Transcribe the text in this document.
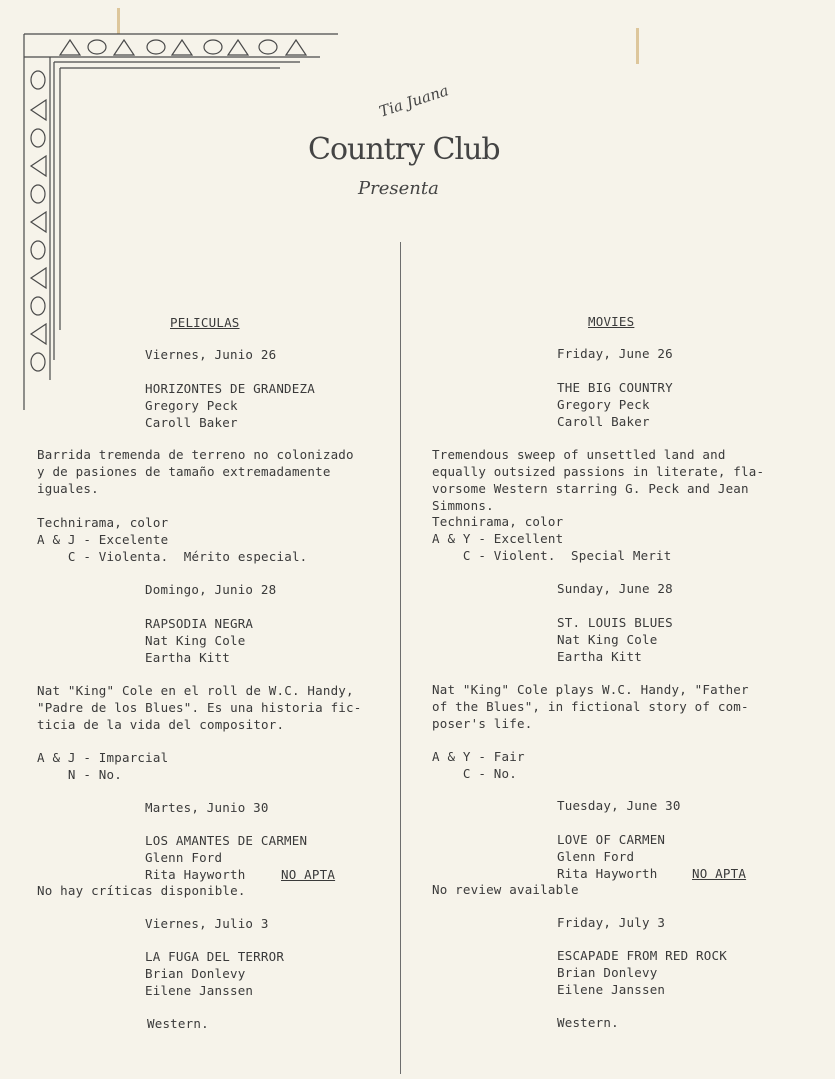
Tia Juana
Country Club
Presenta
PELICULAS
Viernes, Junio 26
HORIZONTES DE GRANDEZA
Gregory Peck
Caroll Baker
Barrida tremenda de terreno no colonizado
y de pasiones de tamaño extremadamente
iguales.
Technirama, color
A & J - Excelente
C - Violenta.  Mérito especial.
Domingo, Junio 28
RAPSODIA NEGRA
Nat King Cole
Eartha Kitt
Nat "King" Cole en el roll de W.C. Handy,
"Padre de los Blues". Es una historia fic-
ticia de la vida del compositor.
A & J - Imparcial
N - No.
Martes, Junio 30
LOS AMANTES DE CARMEN
Glenn Ford
Rita Hayworth	NO APTA
No hay críticas disponible.
Viernes, Julio 3
LA FUGA DEL TERROR
Brian Donlevy
Eilene Janssen
Western.
MOVIES
Friday, June 26
THE BIG COUNTRY
Gregory Peck
Caroll Baker
Tremendous sweep of unsettled land and
equally outsized passions in literate, fla-
vorsome Western starring G. Peck and Jean
Simmons.
Technirama, color
A & Y - Excellent
C - Violent.  Special Merit
Sunday, June 28
ST. LOUIS BLUES
Nat King Cole
Eartha Kitt
Nat "King" Cole plays W.C. Handy, "Father
of the Blues", in fictional story of com-
poser's life.
A & Y - Fair
C - No.
Tuesday, June 30
LOVE OF CARMEN
Glenn Ford
Rita Hayworth	NO APTA
No review available
Friday, July 3
ESCAPADE FROM RED ROCK
Brian Donlevy
Eilene Janssen
Western.
